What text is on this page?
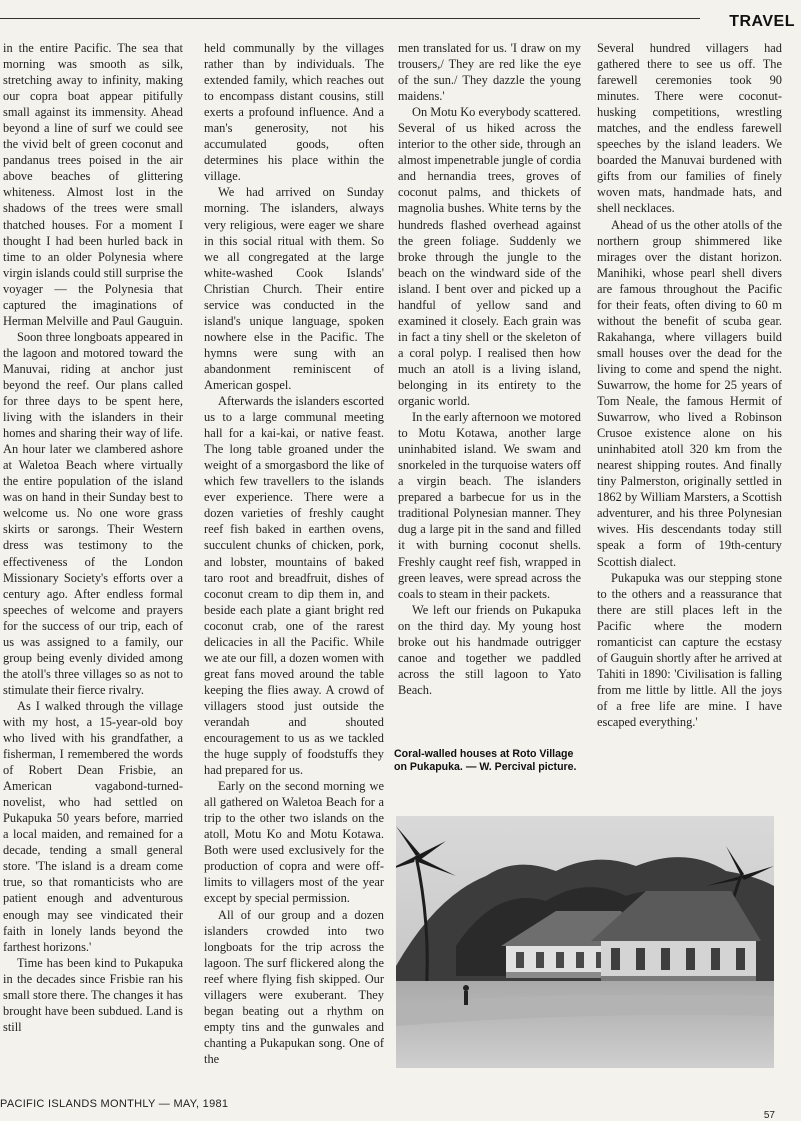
TRAVEL

in the entire Pacific. The sea that morning was smooth as silk, stretching away to infinity, making our copra boat appear pitifully small against its immensity. Ahead beyond a line of surf we could see the vivid belt of green coconut and pandanus trees poised in the air above beaches of glittering whiteness. Almost lost in the shadows of the trees were small thatched houses. For a moment I thought I had been hurled back in time to an older Polynesia where virgin islands could still surprise the voyager — the Polynesia that captured the imaginations of Herman Melville and Paul Gauguin.

Soon three longboats appeared in the lagoon and motored toward the Manuvai, riding at anchor just beyond the reef. Our plans called for three days to be spent here, living with the islanders in their homes and sharing their way of life. An hour later we clambered ashore at Waletoa Beach where virtually the entire population of the island was on hand in their Sunday best to welcome us. No one wore grass skirts or sarongs. Their Western dress was testimony to the effectiveness of the London Missionary Society's efforts over a century ago. After endless formal speeches of welcome and prayers for the success of our trip, each of us was assigned to a family, our group being evenly divided among the atoll's three villages so as not to stimulate their fierce rivalry.

As I walked through the village with my host, a 15-year-old boy who lived with his grandfather, a fisherman, I remembered the words of Robert Dean Frisbie, an American vagabond-turned-novelist, who had settled on Pukapuka 50 years before, married a local maiden, and remained for a decade, tending a small general store. 'The island is a dream come true, so that romanticists who are patient enough and adventurous enough may see vindicated their faith in lonely lands beyond the farthest horizons.'

Time has been kind to Pukapuka in the decades since Frisbie ran his small store there. The changes it has brought have been subdued. Land is still

held communally by the villages rather than by individuals. The extended family, which reaches out to encompass distant cousins, still exerts a profound influence. And a man's generosity, not his accumulated goods, often determines his place within the village.

We had arrived on Sunday morning. The islanders, always very religious, were eager we share in this social ritual with them. So we all congregated at the large white-washed Cook Islands' Christian Church. Their entire service was conducted in the island's unique language, spoken nowhere else in the Pacific. The hymns were sung with an abandonment reminiscent of American gospel.

Afterwards the islanders escorted us to a large communal meeting hall for a kai-kai, or native feast. The long table groaned under the weight of a smorgasbord the like of which few travellers to the islands ever experience. There were a dozen varieties of freshly caught reef fish baked in earthen ovens, succulent chunks of chicken, pork, and lobster, mountains of baked taro root and breadfruit, dishes of coconut cream to dip them in, and beside each plate a giant bright red coconut crab, one of the rarest delicacies in all the Pacific. While we ate our fill, a dozen women with great fans moved around the table keeping the flies away. A crowd of villagers stood just outside the verandah and shouted encouragement to us as we tackled the huge supply of foodstuffs they had prepared for us.

Early on the second morning we all gathered on Waletoa Beach for a trip to the other two islands on the atoll, Motu Ko and Motu Kotawa. Both were used exclusively for the production of copra and were off-limits to villagers most of the year except by special permission.

All of our group and a dozen islanders crowded into two longboats for the trip across the lagoon. The surf flickered along the reef where flying fish skipped. Our villagers were exuberant. They began beating out a rhythm on empty tins and the gunwales and chanting a Pukapukan song. One of the

men translated for us. 'I draw on my trousers,/ They are red like the eye of the sun./ They dazzle the young maidens.'

On Motu Ko everybody scattered. Several of us hiked across the interior to the other side, through an almost impenetrable jungle of cordia and hernandia trees, groves of coconut palms, and thickets of magnolia bushes. White terns by the hundreds flashed overhead against the green foliage. Suddenly we broke through the jungle to the beach on the windward side of the island. I bent over and picked up a handful of yellow sand and examined it closely. Each grain was in fact a tiny shell or the skeleton of a coral polyp. I realised then how much an atoll is a living island, belonging in its entirety to the organic world.

In the early afternoon we motored to Motu Kotawa, another large uninhabited island. We swam and snorkeled in the turquoise waters off a virgin beach. The islanders prepared a barbecue for us in the traditional Polynesian manner. They dug a large pit in the sand and filled it with burning coconut shells. Freshly caught reef fish, wrapped in green leaves, were spread across the coals to steam in their packets.

We left our friends on Pukapuka on the third day. My young host broke out his handmade outrigger canoe and together we paddled across the still lagoon to Yato Beach.

Coral-walled houses at Roto Village on Pukapuka. — W. Percival picture.

Several hundred villagers had gathered there to see us off. The farewell ceremonies took 90 minutes. There were coconut-husking competitions, wrestling matches, and the endless farewell speeches by the island leaders. We boarded the Manuvai burdened with gifts from our families of finely woven mats, handmade hats, and shell necklaces.

Ahead of us the other atolls of the northern group shimmered like mirages over the distant horizon. Manihiki, whose pearl shell divers are famous throughout the Pacific for their feats, often diving to 60 m without the benefit of scuba gear. Rakahanga, where villagers build small houses over the dead for the living to come and spend the night. Suwarrow, the home for 25 years of Tom Neale, the famous Hermit of Suwarrow, who lived a Robinson Crusoe existence alone on his uninhabited atoll 320 km from the nearest shipping routes. And finally tiny Palmerston, originally settled in 1862 by William Marsters, a Scottish adventurer, and his three Polynesian wives. His descendants today still speak a form of 19th-century Scottish dialect.

Pukapuka was our stepping stone to the others and a reassurance that there are still places left in the Pacific where the modern romanticist can capture the ecstasy of Gauguin shortly after he arrived at Tahiti in 1890: 'Civilisation is falling from me little by little. All the joys of a free life are mine. I have escaped everything.'

PACIFIC ISLANDS MONTHLY — MAY, 1981
57
